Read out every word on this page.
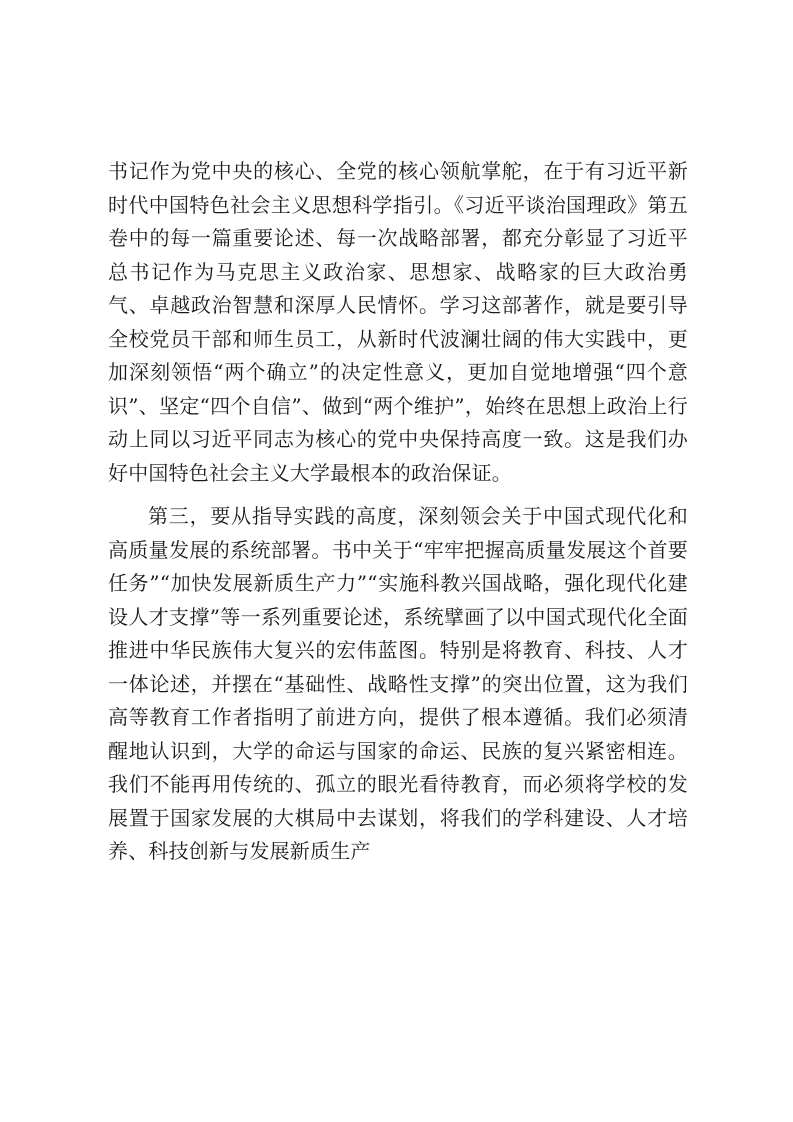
书记作为党中央的核心、全党的核心领航掌舵，在于有习近平新时代中国特色社会主义思想科学指引。《习近平谈治国理政》第五卷中的每一篇重要论述、每一次战略部署，都充分彰显了习近平总书记作为马克思主义政治家、思想家、战略家的巨大政治勇气、卓越政治智慧和深厚人民情怀。学习这部著作，就是要引导全校党员干部和师生员工，从新时代波澜壮阔的伟大实践中，更加深刻领悟“两个确立”的决定性意义，更加自觉地增强“四个意识”、坚定“四个自信”、做到“两个维护”，始终在思想上政治上行动上同以习近平同志为核心的党中央保持高度一致。这是我们办好中国特色社会主义大学最根本的政治保证。

第三，要从指导实践的高度，深刻领会关于中国式现代化和高质量发展的系统部署。书中关于“牢牢把握高质量发展这个首要任务”“加快发展新质生产力”“实施科教兴国战略，强化现代化建设人才支撑”等一系列重要论述，系统擘画了以中国式现代化全面推进中华民族伟大复兴的宏伟蓝图。特别是将教育、科技、人才一体论述，并摆在“基础性、战略性支撑”的突出位置，这为我们高等教育工作者指明了前进方向，提供了根本遵循。我们必须清醒地认识到，大学的命运与国家的命运、民族的复兴紧密相连。我们不能再用传统的、孤立的眼光看待教育，而必须将学校的发展置于国家发展的大棋局中去谋划，将我们的学科建设、人才培养、科技创新与发展新质生产
